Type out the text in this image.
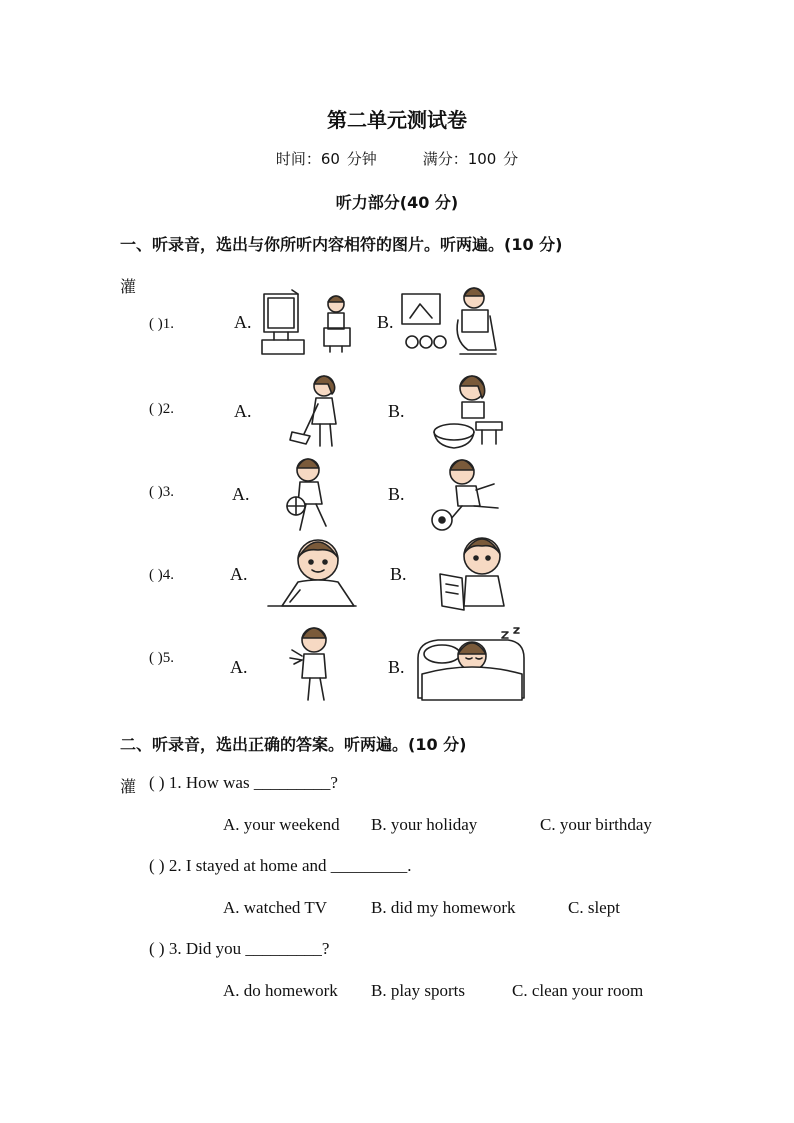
第二单元测试卷
时间：60 分钟	满分：100 分
听力部分(40 分)
一、听录音，选出与你所听内容相符的图片。听两遍。(10 分)
灌
( )1.	A.	B.
( )2.	A.	B.
( )3.	A.	B.
( )4.	A.	B.
( )5.	A.	B.
二、听录音，选出正确的答案。听两遍。(10 分)
灌 ( ) 1. How was _________?
A. your weekend B. your holiday	C. your birthday
( ) 2. I stayed at home and _________.
A. watched TV	B. did my homework	C. slept
( ) 3. Did you _________?
A. do homework B. play sports	C. clean your room
